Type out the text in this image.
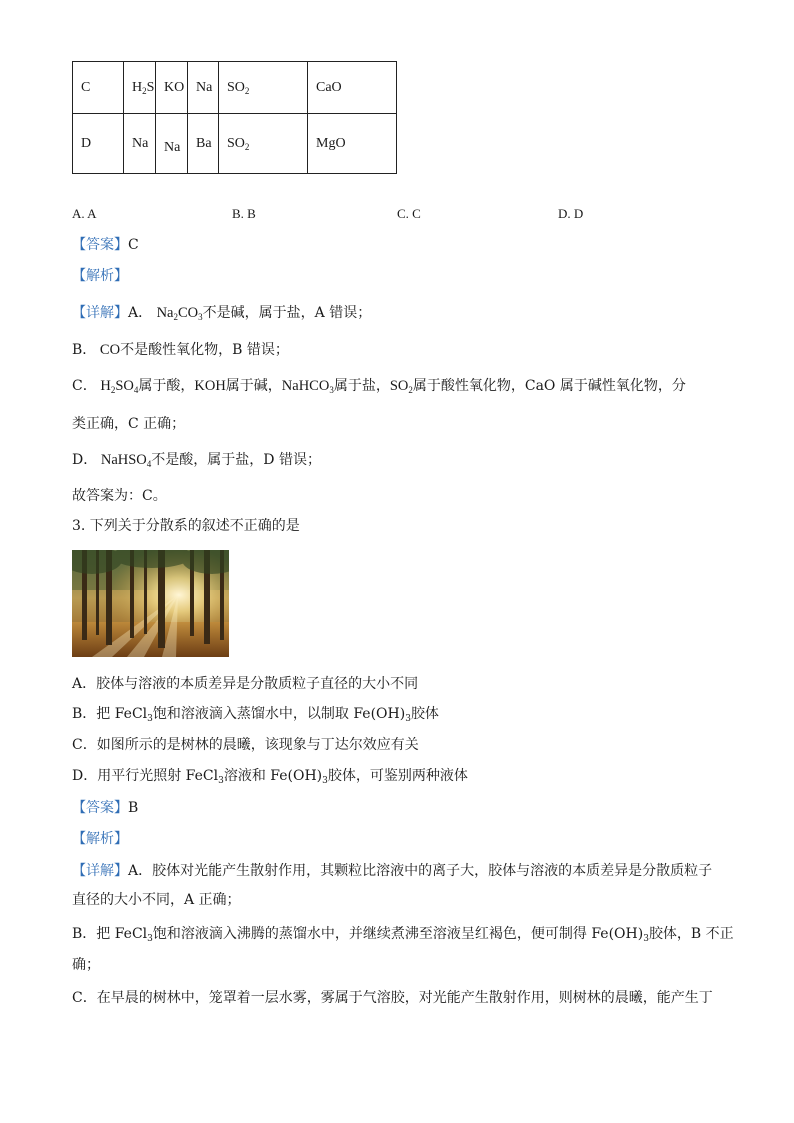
C	$H_2S$	KO	Na	$SO_2$	CaO
D	Na	Na	Ba	$SO_2$	MgO
A. A	B. B	C. C	D. D
【答案】C
【解析】
【详解】A． $Na_2CO_3$不是碱，属于盐，A 错误；
B． CO不是酸性氧化物，B 错误；
C． $H_2SO_4$属于酸，KOH属于碱，NaHCO$_3$属于盐，$SO_2$属于酸性氧化物，CaO 属于碱性氧化物，分
类正确，C 正确；
D． NaHSO$_4$不是酸，属于盐，D 错误；
故答案为：C。
3. 下列关于分散系的叙述不正确的是
A．胶体与溶液的本质差异是分散质粒子直径的大小不同
B．把 FeCl$_3$饱和溶液滴入蒸馏水中，以制取 $Fe(OH)_3$胶体
C．如图所示的是树林的晨曦，该现象与丁达尔效应有关
D．用平行光照射 FeCl$_3$溶液和 $Fe(OH)_3$胶体，可鉴别两种液体
【答案】B
【解析】
【详解】A．胶体对光能产生散射作用，其颗粒比溶液中的离子大，胶体与溶液的本质差异是分散质粒子
直径的大小不同，A 正确；
B．把 FeCl$_3$饱和溶液滴入沸腾的蒸馏水中，并继续煮沸至溶液呈红褐色，便可制得 $Fe(OH)_3$胶体，B 不正
确；
C．在早晨的树林中，笼罩着一层水雾，雾属于气溶胶，对光能产生散射作用，则树林的晨曦，能产生丁
